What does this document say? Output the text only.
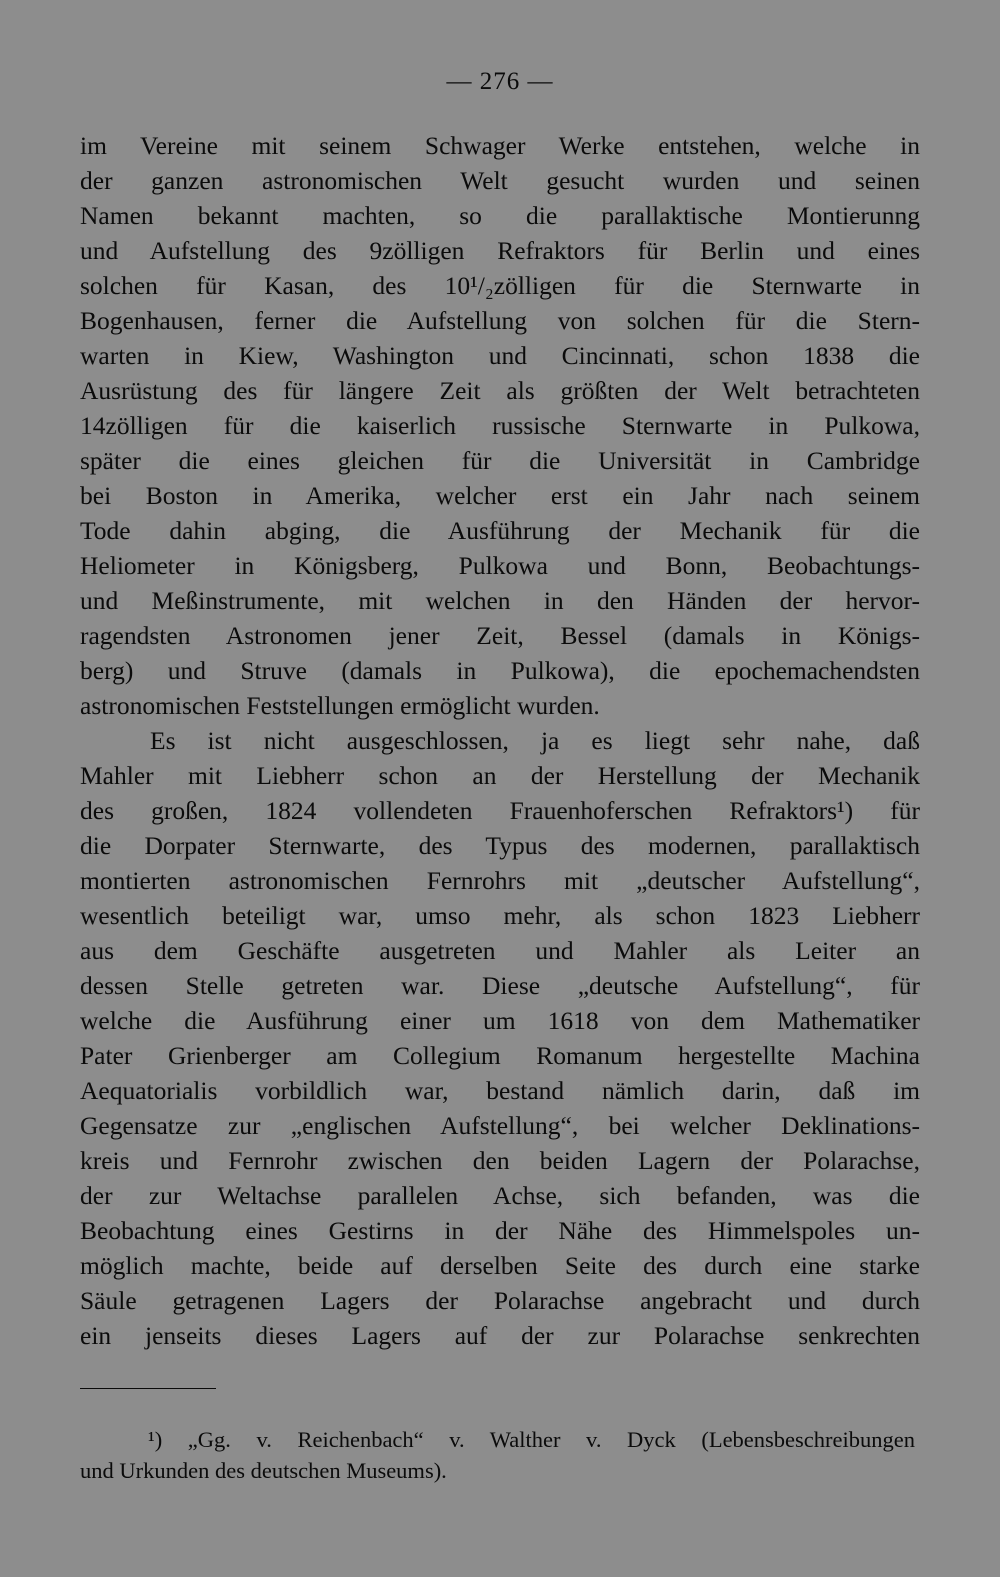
— 276 —
im Vereine mit seinem Schwager Werke entstehen, welche in
der ganzen astronomischen Welt gesucht wurden und seinen
Namen bekannt machten, so die parallaktische Montierunng
und Aufstellung des 9zölligen Refraktors für Berlin und eines
solchen für Kasan, des 10¹/₂zölligen für die Sternwarte in
Bogenhausen, ferner die Aufstellung von solchen für die Stern-
warten in Kiew, Washington und Cincinnati, schon 1838 die
Ausrüstung des für längere Zeit als größten der Welt betrachteten
14zölligen für die kaiserlich russische Sternwarte in Pulkowa,
später die eines gleichen für die Universität in Cambridge
bei Boston in Amerika, welcher erst ein Jahr nach seinem
Tode dahin abging, die Ausführung der Mechanik für die
Heliometer in Königsberg, Pulkowa und Bonn, Beobachtungs-
und Meßinstrumente, mit welchen in den Händen der hervor-
ragendsten Astronomen jener Zeit, Bessel (damals in Königs-
berg) und Struve (damals in Pulkowa), die epochemachendsten
astronomischen Feststellungen ermöglicht wurden.
Es ist nicht ausgeschlossen, ja es liegt sehr nahe, daß
Mahler mit Liebherr schon an der Herstellung der Mechanik
des großen, 1824 vollendeten Frauenhoferschen Refraktors¹) für
die Dorpater Sternwarte, des Typus des modernen, parallaktisch
montierten astronomischen Fernrohrs mit „deutscher Aufstellung“,
wesentlich beteiligt war, umso mehr, als schon 1823 Liebherr
aus dem Geschäfte ausgetreten und Mahler als Leiter an
dessen Stelle getreten war. Diese „deutsche Aufstellung“, für
welche die Ausführung einer um 1618 von dem Mathematiker
Pater Grienberger am Collegium Romanum hergestellte Machina
Aequatorialis vorbildlich war, bestand nämlich darin, daß im
Gegensatze zur „englischen Aufstellung“, bei welcher Deklinations-
kreis und Fernrohr zwischen den beiden Lagern der Polarachse,
der zur Weltachse parallelen Achse, sich befanden, was die
Beobachtung eines Gestirns in der Nähe des Himmelspoles un-
möglich machte, beide auf derselben Seite des durch eine starke
Säule getragenen Lagers der Polarachse angebracht und durch
ein jenseits dieses Lagers auf der zur Polarachse senkrechten
¹) „Gg. v. Reichenbach“ v. Walther v. Dyck (Lebensbeschreibungen
und Urkunden des deutschen Museums).
